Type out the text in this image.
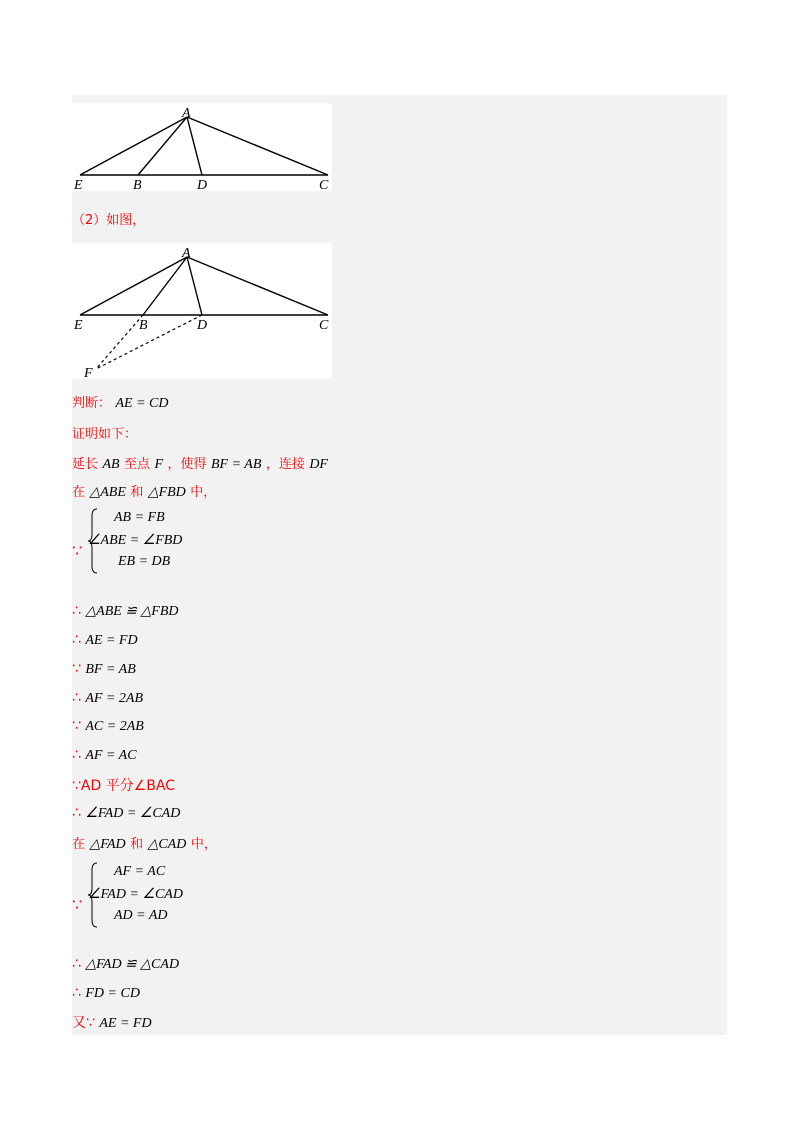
A
E	B	D	C
（2）如图，
A
E	B	D	C
F
判断： AE = CD
证明如下：
延长 AB 至点 F ，使得 BF = AB ，连接 DF
在 △ABE 和 △FBD 中，
∵
AB = FB
∠ABE = ∠FBD
EB = DB
∴ △ABE ≌ △FBD
∴ AE = FD
∵ BF = AB
∴ AF = 2AB
∵ AC = 2AB
∴ AF = AC
∵AD 平分∠BAC
∴ ∠FAD = ∠CAD
在 △FAD 和 △CAD 中，
∵
AF = AC
∠FAD = ∠CAD
AD = AD
∴ △FAD ≌ △CAD
∴ FD = CD
又∵ AE = FD
